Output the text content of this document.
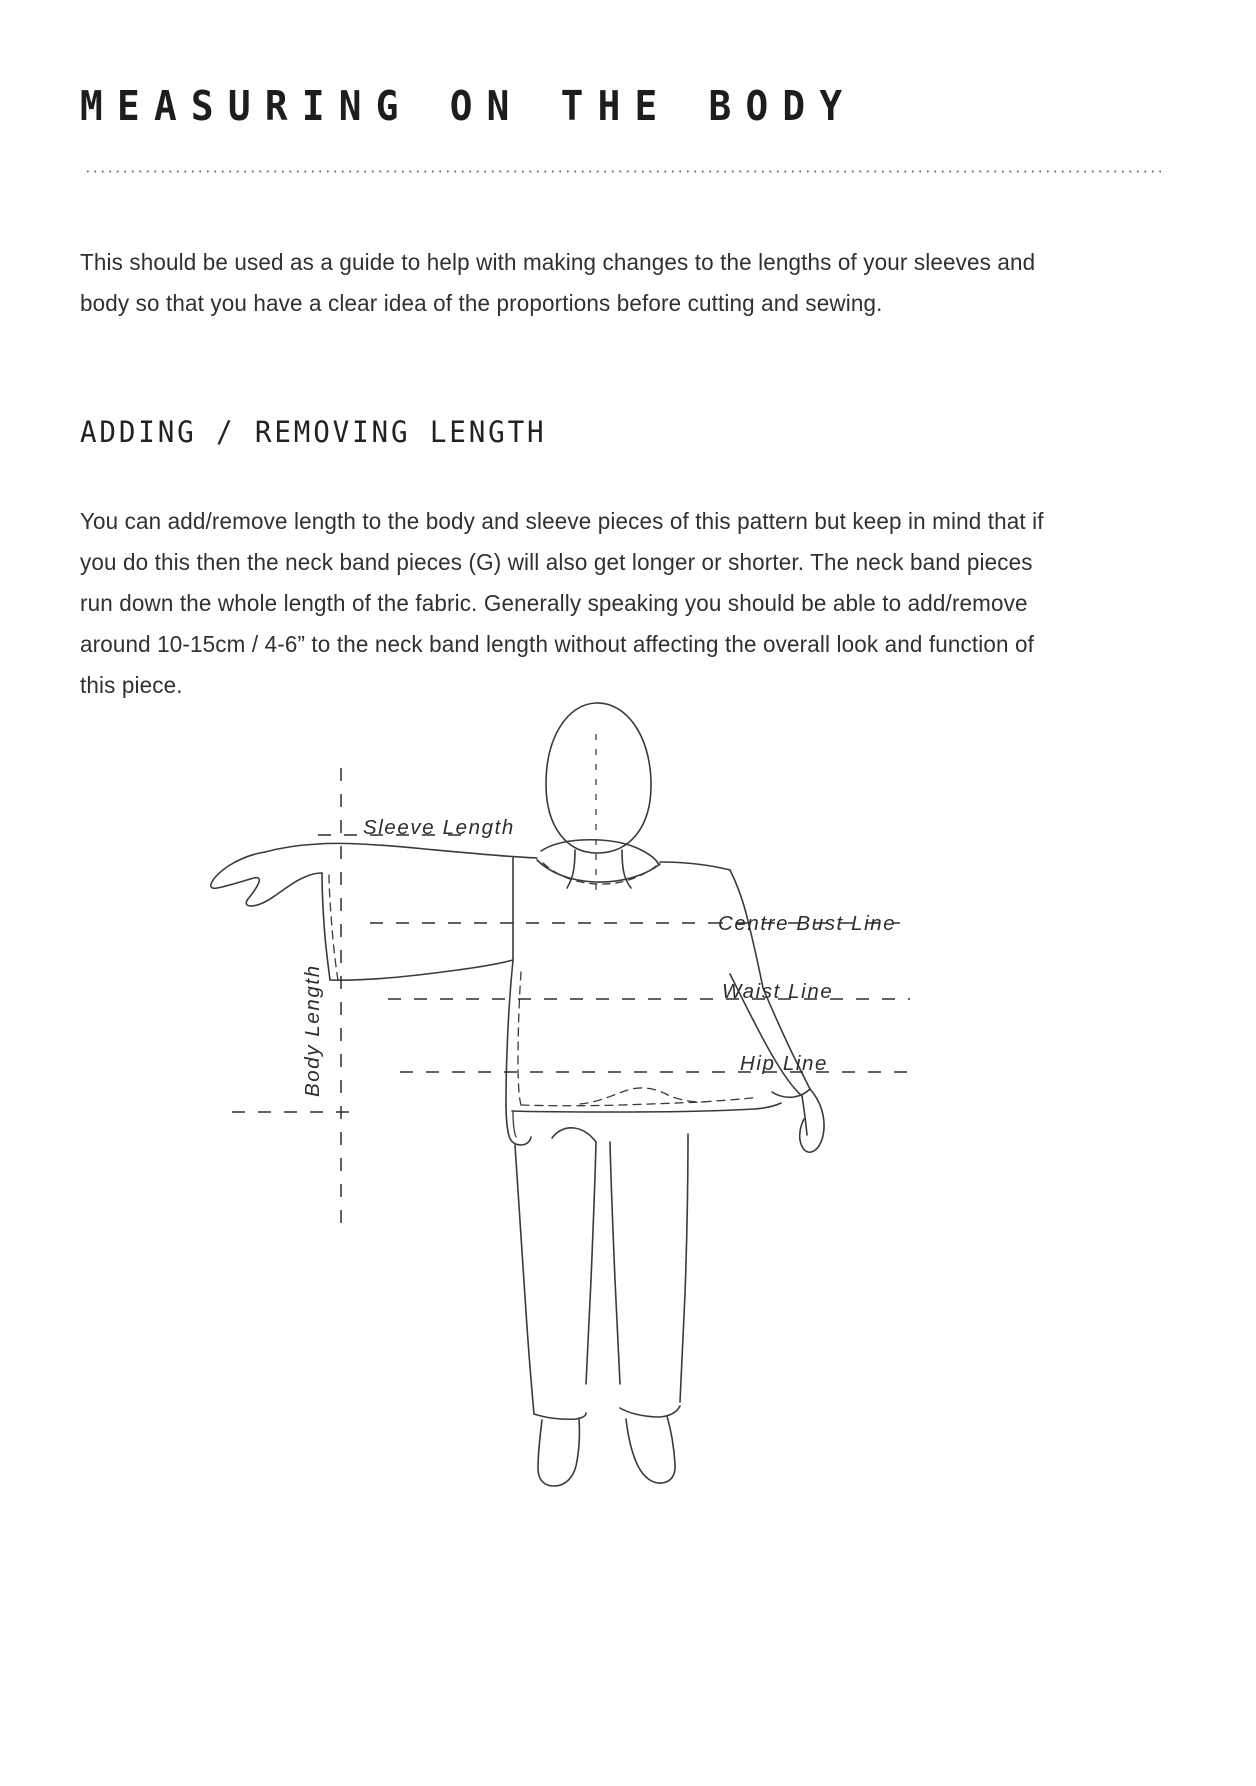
MEASURING ON THE BODY

This should be used as a guide to help with making changes to the lengths of your sleeves and body so that you have a clear idea of the proportions before cutting and sewing.

ADDING / REMOVING LENGTH

You can add/remove length to the body and sleeve pieces of this pattern but keep in mind that if you do this then the neck band pieces (G) will also get longer or shorter. The neck band pieces run down the whole length of the fabric. Generally speaking you should be able to add/remove around 10-15cm / 4-6” to the neck band length without affecting the overall look and function of this piece.

Sleeve Length
Centre Bust Line
Waist Line
Hip Line
Body Length
